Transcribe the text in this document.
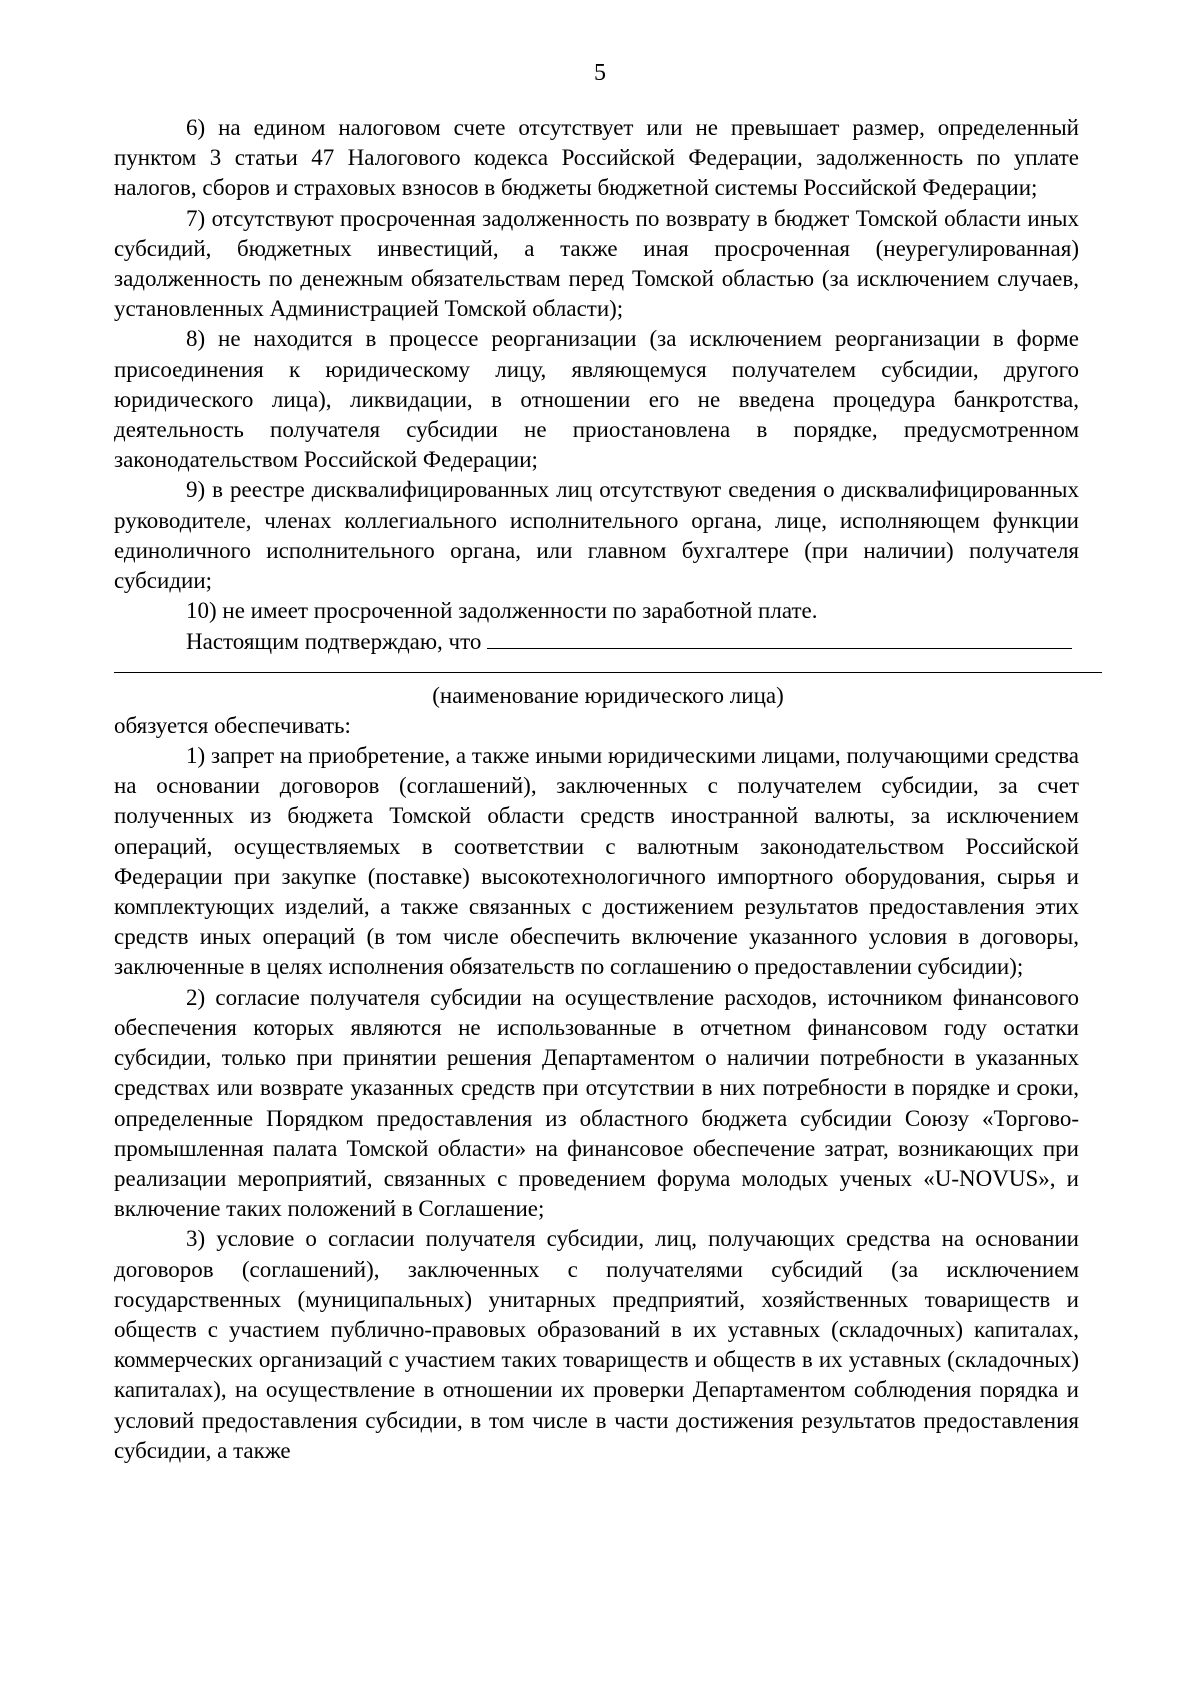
5

6) на едином налоговом счете отсутствует или не превышает размер, определенный пунктом 3 статьи 47 Налогового кодекса Российской Федерации, задолженность по уплате налогов, сборов и страховых взносов в бюджеты бюджетной системы Российской Федерации;

7) отсутствуют просроченная задолженность по возврату в бюджет Томской области иных субсидий, бюджетных инвестиций, а также иная просроченная (неурегулированная) задолженность по денежным обязательствам перед Томской областью (за исключением случаев, установленных Администрацией Томской области);

8) не находится в процессе реорганизации (за исключением реорганизации в форме присоединения к юридическому лицу, являющемуся получателем субсидии, другого юридического лица), ликвидации, в отношении его не введена процедура банкротства, деятельность получателя субсидии не приостановлена в порядке, предусмотренном законодательством Российской Федерации;

9) в реестре дисквалифицированных лиц отсутствуют сведения о дисквалифицированных руководителе, членах коллегиального исполнительного органа, лице, исполняющем функции единоличного исполнительного органа, или главном бухгалтере (при наличии) получателя субсидии;

10) не имеет просроченной задолженности по заработной плате.

Настоящим подтверждаю, что

(наименование юридического лица)

обязуется обеспечивать:

1) запрет на приобретение, а также иными юридическими лицами, получающими средства на основании договоров (соглашений), заключенных с получателем субсидии, за счет полученных из бюджета Томской области средств иностранной валюты, за исключением операций, осуществляемых в соответствии с валютным законодательством Российской Федерации при закупке (поставке) высокотехнологичного импортного оборудования, сырья и комплектующих изделий, а также связанных с достижением результатов предоставления этих средств иных операций (в том числе обеспечить включение указанного условия в договоры, заключенные в целях исполнения обязательств по соглашению о предоставлении субсидии);

2) согласие получателя субсидии на осуществление расходов, источником финансового обеспечения которых являются не использованные в отчетном финансовом году остатки субсидии, только при принятии решения Департаментом о наличии потребности в указанных средствах или возврате указанных средств при отсутствии в них потребности в порядке и сроки, определенные Порядком предоставления из областного бюджета субсидии Союзу «Торгово-промышленная палата Томской области» на финансовое обеспечение затрат, возникающих при реализации мероприятий, связанных с проведением форума молодых ученых «U-NOVUS», и включение таких положений в Соглашение;

3) условие о согласии получателя субсидии, лиц, получающих средства на основании договоров (соглашений), заключенных с получателями субсидий (за исключением государственных (муниципальных) унитарных предприятий, хозяйственных товариществ и обществ с участием публично-правовых образований в их уставных (складочных) капиталах, коммерческих организаций с участием таких товариществ и обществ в их уставных (складочных) капиталах), на осуществление в отношении их проверки Департаментом соблюдения порядка и условий предоставления субсидии, в том числе в части достижения результатов предоставления субсидии, а также
